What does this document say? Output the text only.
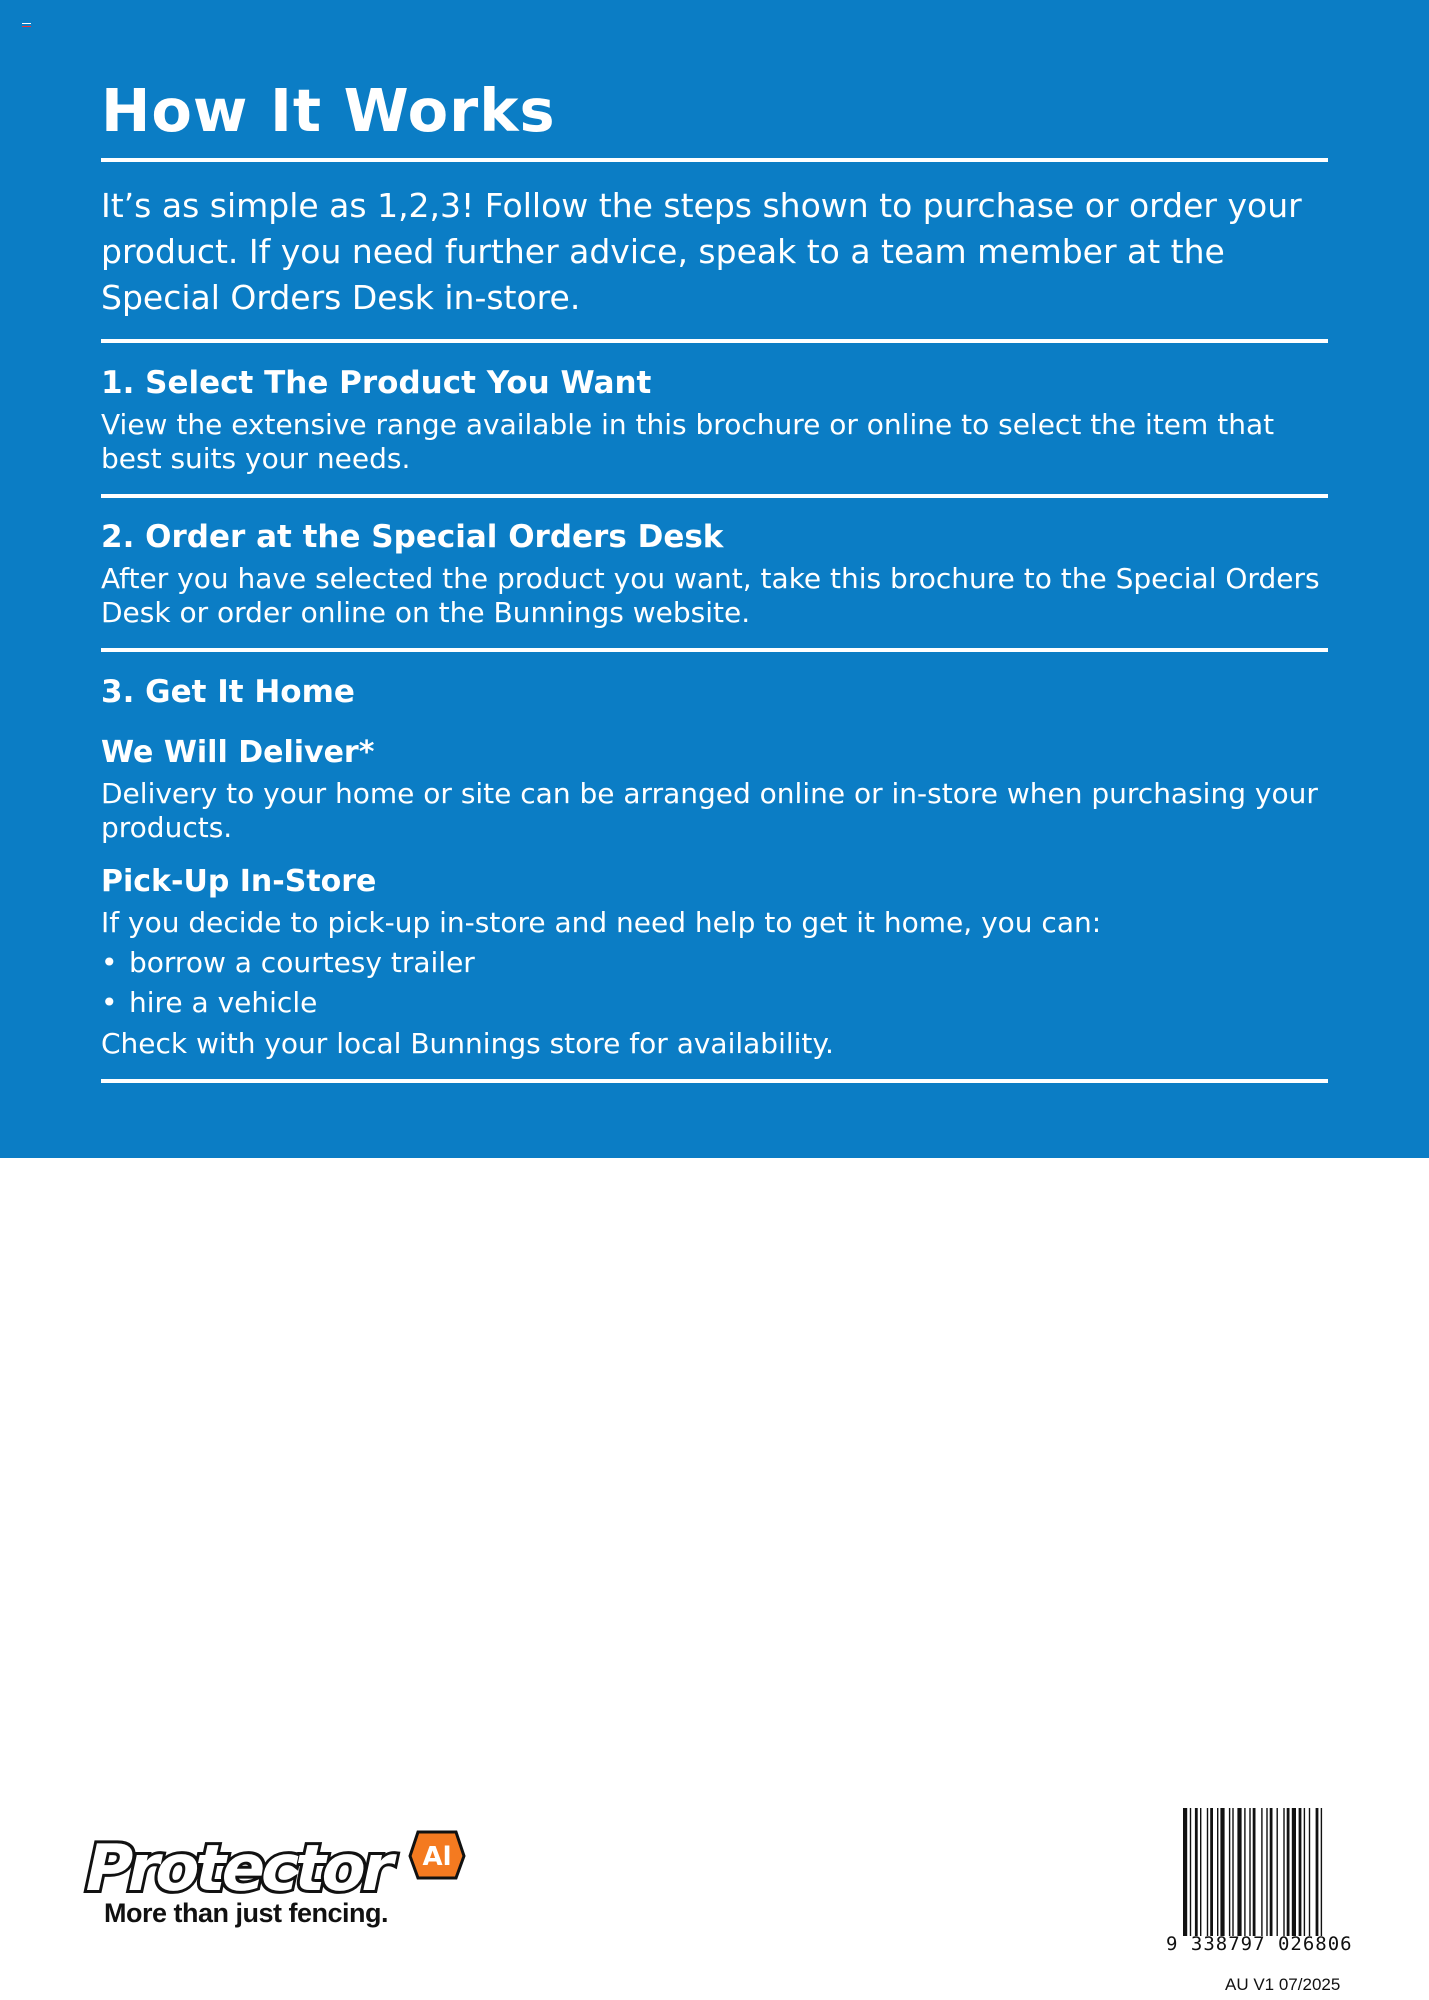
How It Works

It’s as simple as 1,2,3! Follow the steps shown to purchase or order your product. If you need further advice, speak to a team member at the Special Orders Desk in-store.

1. Select The Product You Want

View the extensive range available in this brochure or online to select the item that best suits your needs.

2. Order at the Special Orders Desk

After you have selected the product you want, take this brochure to the Special Orders Desk or order online on the Bunnings website.

3. Get It Home
We Will Deliver*

Delivery to your home or site can be arranged online or in-store when purchasing your products.

Pick-Up In-Store

If you decide to pick-up in-store and need help to get it home, you can:

• borrow a courtesy trailer

• hire a vehicle

Check with your local Bunnings store for availability.

Protector Al

More than just fencing.

9 338797 026806

AU V1 07/2025
